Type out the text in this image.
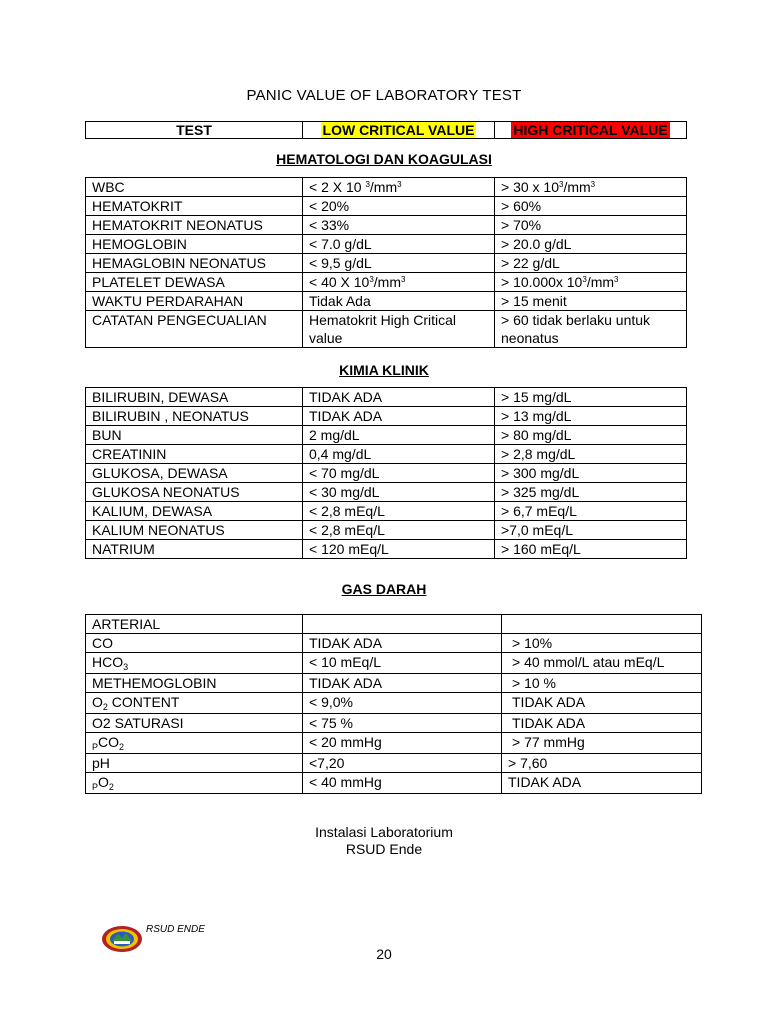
PANIC VALUE OF LABORATORY TEST
TEST	LOW CRITICAL VALUE	HIGH CRITICAL VALUE
HEMATOLOGI DAN KOAGULASI
WBC	< 2 X 10 $^3/mm^3$	> 30 x $10^3/mm^3$
HEMATOKRIT	< 20%	> 60%
HEMATOKRIT NEONATUS	< 33%	> 70%
HEMOGLOBIN	< 7.0 g/dL	> 20.0 g/dL
HEMAGLOBIN NEONATUS	< 9,5 g/dL	> 22 g/dL
PLATELET DEWASA	< 40 X $10^3/mm^3$	> 10.000x $10^3/mm^3$
WAKTU PERDARAHAN	Tidak Ada	> 15 menit
CATATAN PENGECUALIAN	Hematokrit High Critical value	> 60 tidak berlaku untuk neonatus
KIMIA KLINIK
BILIRUBIN, DEWASA	TIDAK ADA	> 15 mg/dL
BILIRUBIN , NEONATUS	TIDAK ADA	> 13 mg/dL
BUN	2 mg/dL	> 80 mg/dL
CREATININ	0,4 mg/dL	> 2,8 mg/dL
GLUKOSA, DEWASA	< 70 mg/dL	> 300 mg/dL
GLUKOSA NEONATUS	< 30 mg/dL	> 325 mg/dL
KALIUM, DEWASA	< 2,8 mEq/L	> 6,7 mEq/L
KALIUM NEONATUS	< 2,8 mEq/L	>7,0 mEq/L
NATRIUM	< 120 mEq/L	> 160 mEq/L
GAS DARAH
ARTERIAL		
CO	TIDAK ADA	> 10%
$HCO_3$	< 10 mEq/L	> 40 mmol/L atau mEq/L
METHEMOGLOBIN	TIDAK ADA	> 10 %
$O_2$ CONTENT	< 9,0%	TIDAK ADA
O2 SATURASI	< 75 %	TIDAK ADA
$_PCO_2$	< 20 mmHg	> 77 mmHg
pH	<7,20	> 7,60
$_PO_2$	< 40 mmHg	TIDAK ADA
Instalasi Laboratorium
RSUD Ende
RSUD ENDE
20
